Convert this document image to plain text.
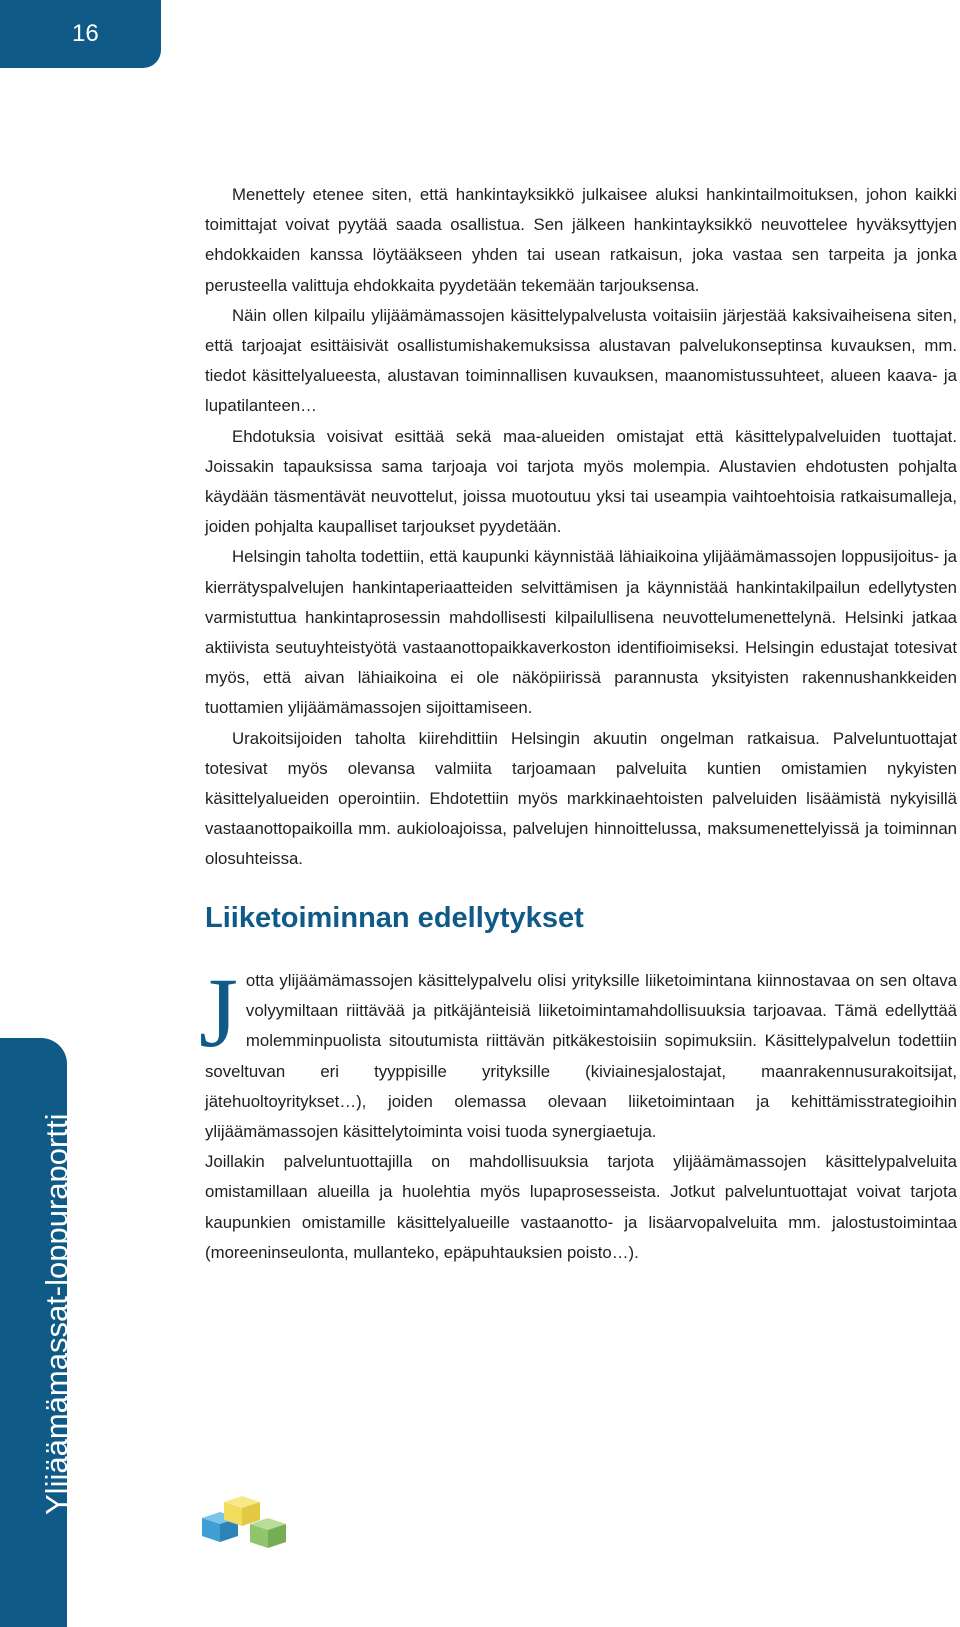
16
Ylijäämämassat-loppuraportti

Menettely etenee siten, että hankintayksikkö julkaisee aluksi hankintailmoituksen, johon kaikki toimittajat voivat pyytää saada osallistua. Sen jälkeen hankintayksikkö neuvottelee hyväksyttyjen ehdokkaiden kanssa löytääkseen yhden tai usean ratkaisun, joka vastaa sen tarpeita ja jonka perusteella valittuja ehdokkaita pyydetään tekemään tarjouksensa.

Näin ollen kilpailu ylijäämämassojen käsittelypalvelusta voitaisiin järjestää kaksivaiheisena siten, että tarjoajat esittäisivät osallistumishakemuksissa alustavan palvelukonseptinsa kuvauksen, mm. tiedot käsittelyalueesta, alustavan toiminnallisen kuvauksen, maanomistussuhteet, alueen kaava- ja lupatilanteen…

Ehdotuksia voisivat esittää sekä maa-alueiden omistajat että käsittelypalveluiden tuottajat. Joissakin tapauksissa sama tarjoaja voi tarjota myös molempia. Alustavien ehdotusten pohjalta käydään täsmentävät neuvottelut, joissa muotoutuu yksi tai useampia vaihtoehtoisia ratkaisumalleja, joiden pohjalta kaupalliset tarjoukset pyydetään.

Helsingin taholta todettiin, että kaupunki käynnistää lähiaikoina ylijäämämassojen loppusijoitus- ja kierrätyspalvelujen hankintaperiaatteiden selvittämisen ja käynnistää hankintakilpailun edellytysten varmistuttua hankintaprosessin mahdollisesti kilpailullisena neuvottelumenettelynä. Helsinki jatkaa aktiivista seutuyhteistyötä vastaanottopaikkaverkoston identifioimiseksi. Helsingin edustajat totesivat myös, että aivan lähiaikoina ei ole näköpiirissä parannusta yksityisten rakennushankkeiden tuottamien ylijäämämassojen sijoittamiseen.

Urakoitsijoiden taholta kiirehdittiin Helsingin akuutin ongelman ratkaisua. Palveluntuottajat totesivat myös olevansa valmiita tarjoamaan palveluita kuntien omistamien nykyisten käsittelyalueiden operointiin. Ehdotettiin myös markkinaehtoisten palveluiden lisäämistä nykyisillä vastaanottopaikoilla mm. aukioloajoissa, palvelujen hinnoittelussa, maksumenettelyissä ja toiminnan olosuhteissa.

Liiketoiminnan edellytykset

Jotta ylijäämämassojen käsittelypalvelu olisi yrityksille liiketoimintana kiinnostavaa on sen oltava volyymiltaan riittävää ja pitkäjänteisiä liiketoimintamahdollisuuksia tarjoavaa. Tämä edellyttää molemminpuolista sitoutumista riittävän pitkäkestoisiin sopimuksiin. Käsittelypalvelun todettiin soveltuvan eri tyyppisille yrityksille (kiviainesjalostajat, maanrakennusurakoitsijat, jätehuoltoyritykset…), joiden olemassa olevaan liiketoimintaan ja kehittämisstrategioihin ylijäämämassojen käsittelytoiminta voisi tuoda synergiaetuja.

Joillakin palveluntuottajilla on mahdollisuuksia tarjota ylijäämämassojen käsittelypalveluita omistamillaan alueilla ja huolehtia myös lupaprosesseista. Jotkut palveluntuottajat voivat tarjota kaupunkien omistamille käsittelyalueille vastaanotto- ja lisäarvopalveluita mm. jalostustoimintaa (moreeninseulonta, mullanteko, epäpuhtauksien poisto…).
